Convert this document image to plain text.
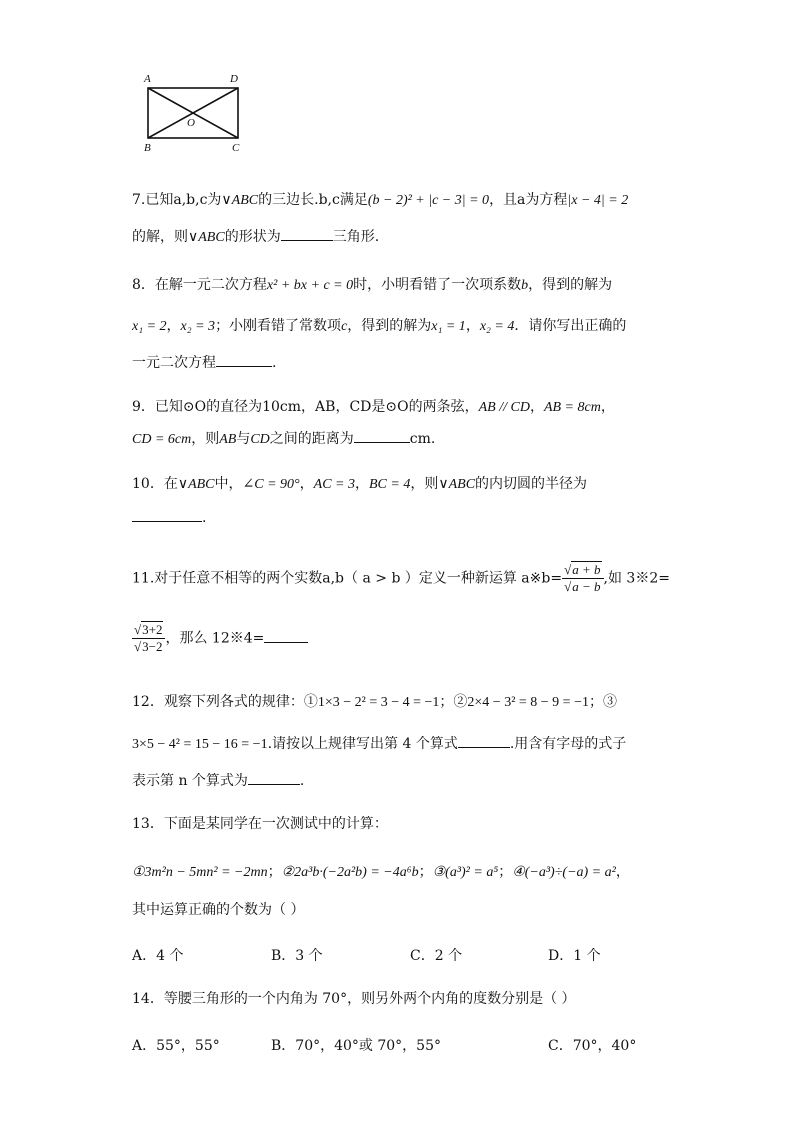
A	D
O
B	C
7.已知a,b,c为∨ABC的三边长.b,c满足(b − 2)² + |c − 3| = 0，且a为方程|x − 4| = 2
的解，则∨ABC的形状为	三角形.
8．在解一元二次方程x² + bx + c = 0时，小明看错了一次项系数b，得到的解为
x₁ = 2，x₂ = 3；小刚看错了常数项c，得到的解为x₁ = 1，x₂ = 4．请你写出正确的
一元二次方程	.
9．已知⊙O的直径为10cm，AB，CD是⊙O的两条弦，AB // CD，AB = 8cm，
CD = 6cm，则AB与CD之间的距离为	cm.
10．在∨ABC中，∠C = 90°，AC = 3，BC = 4，则∨ABC的内切圆的半径为
.
11.对于任意不相等的两个实数a,b（ a > b ）定义一种新运算 a※b= $\frac{√a + b}{√a - b}$ ,如 3※2=
$\frac{√3+2}{√3-2}$ ，那么 12※4=
12．观察下列各式的规律：①1×3 − 2² = 3 − 4 = −1；②2×4 − 3² = 8 − 9 = −1；③
3×5 − 4² = 15 − 16 = −1.请按以上规律写出第 4 个算式	.用含有字母的式子
表示第 n 个算式为	.
13．下面是某同学在一次测试中的计算：
①3m²n − 5mn² = −2mn；②2a³b·(−2a²b) = −4a⁶b；③(a³)² = a⁵；④(−a³)÷(−a) = a²，
其中运算正确的个数为（ ）
A．4 个	B．3 个	C．2 个	D．1 个
14．等腰三角形的一个内角为 70°，则另外两个内角的度数分别是（ ）
A．55°，55°	B．70°，40°或 70°，55°	C．70°，40°
